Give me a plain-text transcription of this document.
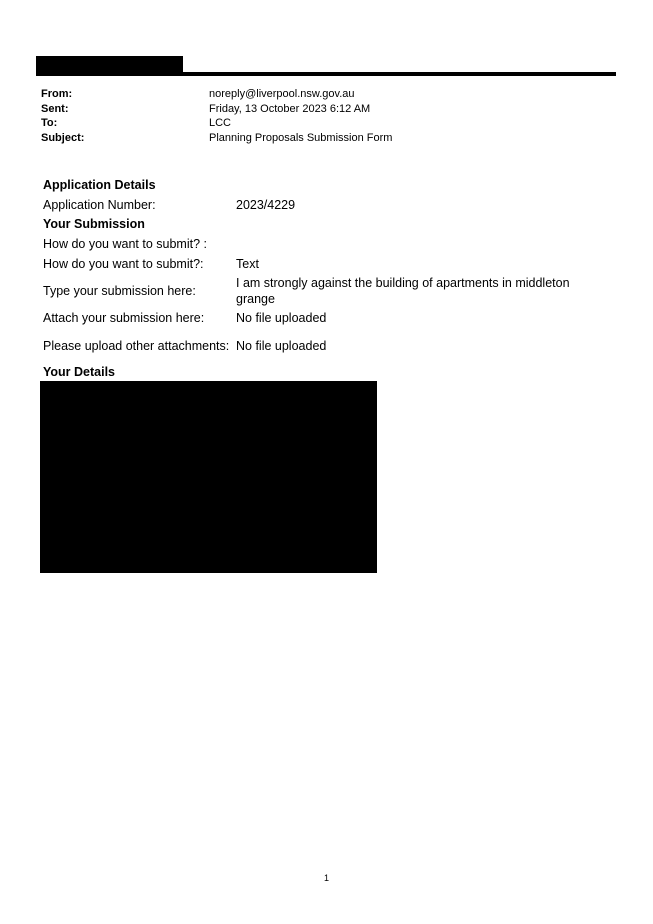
From:	noreply@liverpool.nsw.gov.au
Sent:	Friday, 13 October 2023 6:12 AM
To:	LCC
Subject:	Planning Proposals Submission Form
Application Details
Application Number:	2023/4229
Your Submission
How do you want to submit? :
How do you want to submit?:	Text
Type your submission here:
I am strongly against the building of apartments in middleton grange
Attach your submission here:	No file uploaded
Please upload other attachments: No file uploaded
Your Details
1
